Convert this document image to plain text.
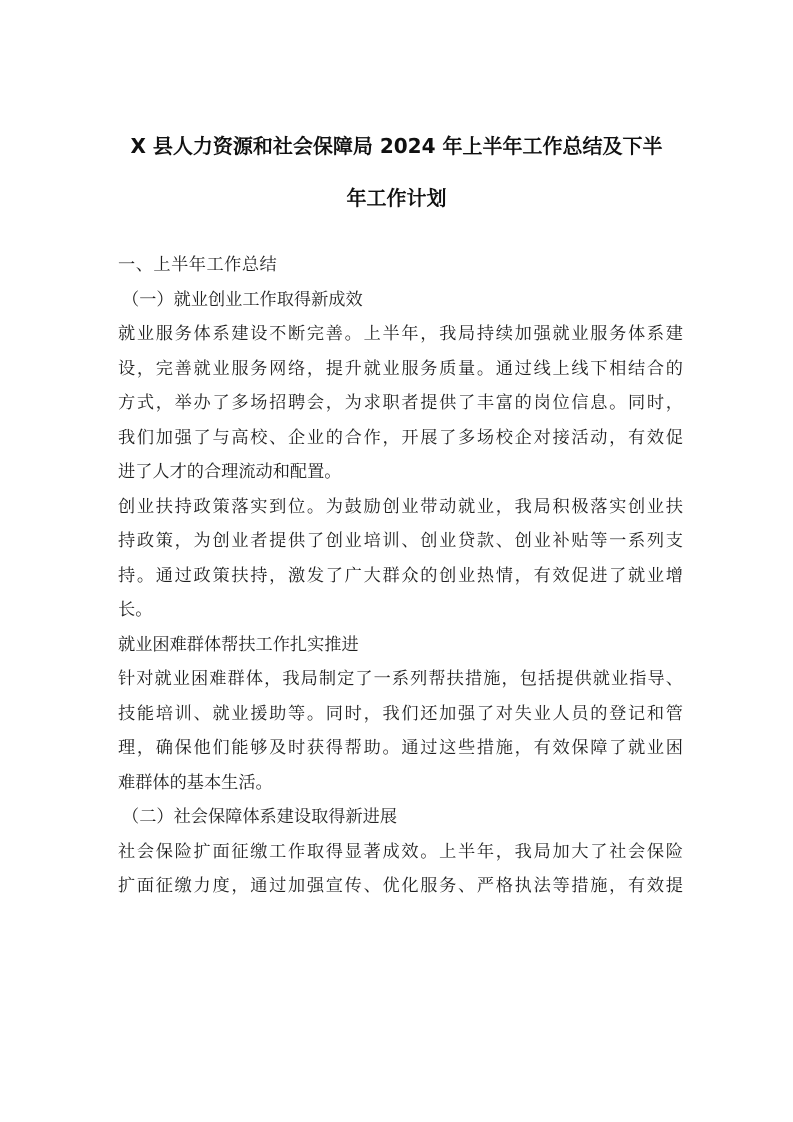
X 县人力资源和社会保障局 2024 年上半年工作总结及下半
年工作计划
一、上半年工作总结
（一）就业创业工作取得新成效
就业服务体系建设不断完善。上半年，我局持续加强就业服务体系建
设，完善就业服务网络，提升就业服务质量。通过线上线下相结合的
方式，举办了多场招聘会，为求职者提供了丰富的岗位信息。同时，
我们加强了与高校、企业的合作，开展了多场校企对接活动，有效促
进了人才的合理流动和配置。
创业扶持政策落实到位。为鼓励创业带动就业，我局积极落实创业扶
持政策，为创业者提供了创业培训、创业贷款、创业补贴等一系列支
持。通过政策扶持，激发了广大群众的创业热情，有效促进了就业增
长。
就业困难群体帮扶工作扎实推进
针对就业困难群体，我局制定了一系列帮扶措施，包括提供就业指导、
技能培训、就业援助等。同时，我们还加强了对失业人员的登记和管
理，确保他们能够及时获得帮助。通过这些措施，有效保障了就业困
难群体的基本生活。
（二）社会保障体系建设取得新进展
社会保险扩面征缴工作取得显著成效。上半年，我局加大了社会保险
扩面征缴力度，通过加强宣传、优化服务、严格执法等措施，有效提
